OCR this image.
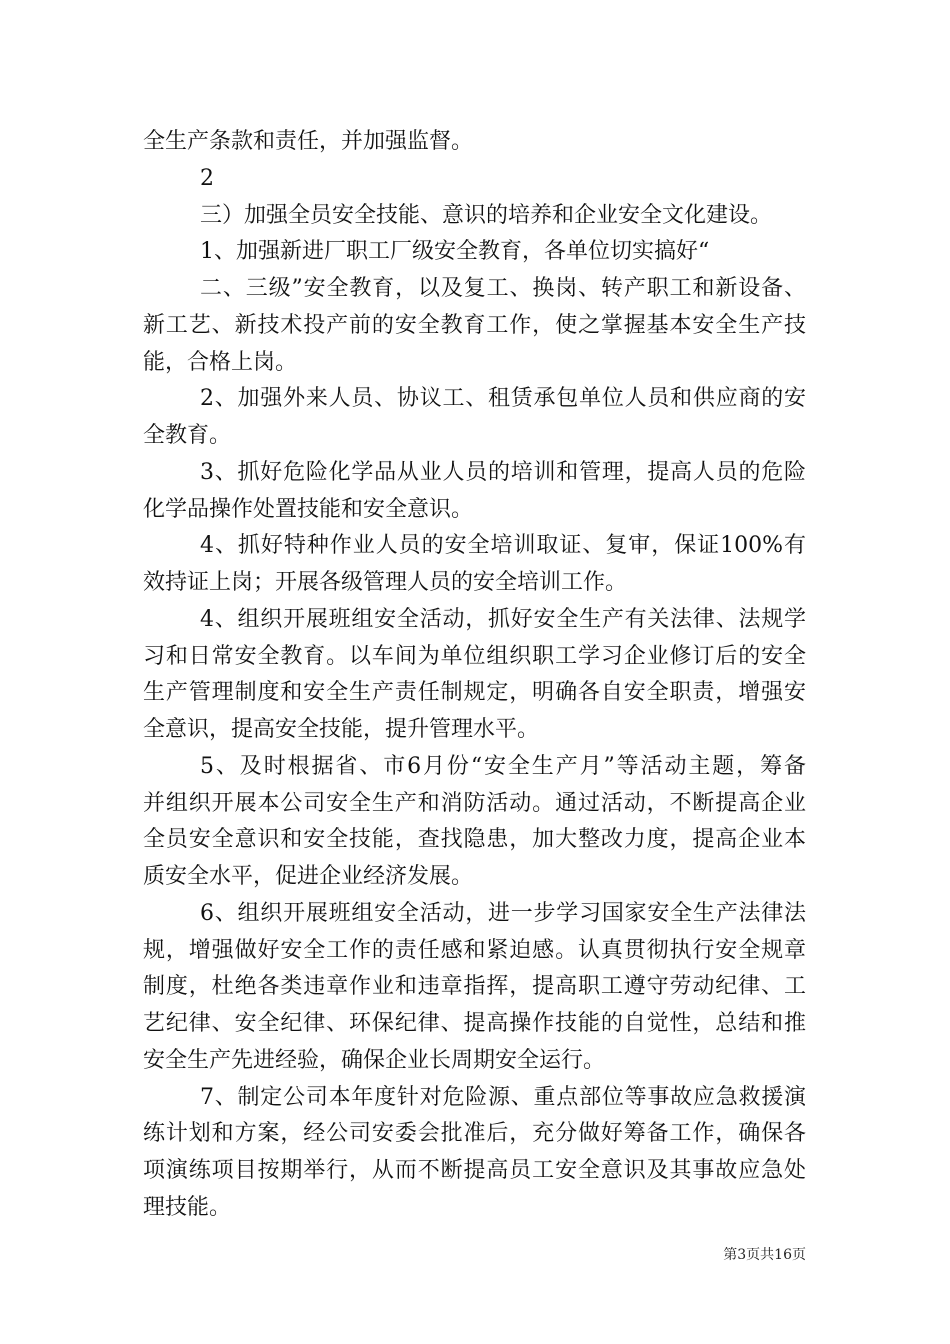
全生产条款和责任，并加强监督。
2
三）加强全员安全技能、意识的培养和企业安全文化建设。
1、加强新进厂职工厂级安全教育，各单位切实搞好“
二、三级”安全教育，以及复工、换岗、转产职工和新设备、
新工艺、新技术投产前的安全教育工作，使之掌握基本安全生产技
能，合格上岗。
2、加强外来人员、协议工、租赁承包单位人员和供应商的安
全教育。
3、抓好危险化学品从业人员的培训和管理，提高人员的危险
化学品操作处置技能和安全意识。
4、抓好特种作业人员的安全培训取证、复审，保证100%有
效持证上岗；开展各级管理人员的安全培训工作。
4、组织开展班组安全活动，抓好安全生产有关法律、法规学
习和日常安全教育。以车间为单位组织职工学习企业修订后的安全
生产管理制度和安全生产责任制规定，明确各自安全职责，增强安
全意识，提高安全技能，提升管理水平。
5、及时根据省、市6月份“安全生产月”等活动主题，筹备
并组织开展本公司安全生产和消防活动。通过活动，不断提高企业
全员安全意识和安全技能，查找隐患，加大整改力度，提高企业本
质安全水平，促进企业经济发展。
6、组织开展班组安全活动，进一步学习国家安全生产法律法
规，增强做好安全工作的责任感和紧迫感。认真贯彻执行安全规章
制度，杜绝各类违章作业和违章指挥，提高职工遵守劳动纪律、工
艺纪律、安全纪律、环保纪律、提高操作技能的自觉性，总结和推
安全生产先进经验，确保企业长周期安全运行。
7、制定公司本年度针对危险源、重点部位等事故应急救援演
练计划和方案，经公司安委会批准后，充分做好筹备工作，确保各
项演练项目按期举行，从而不断提高员工安全意识及其事故应急处
理技能。
第3页共16页
